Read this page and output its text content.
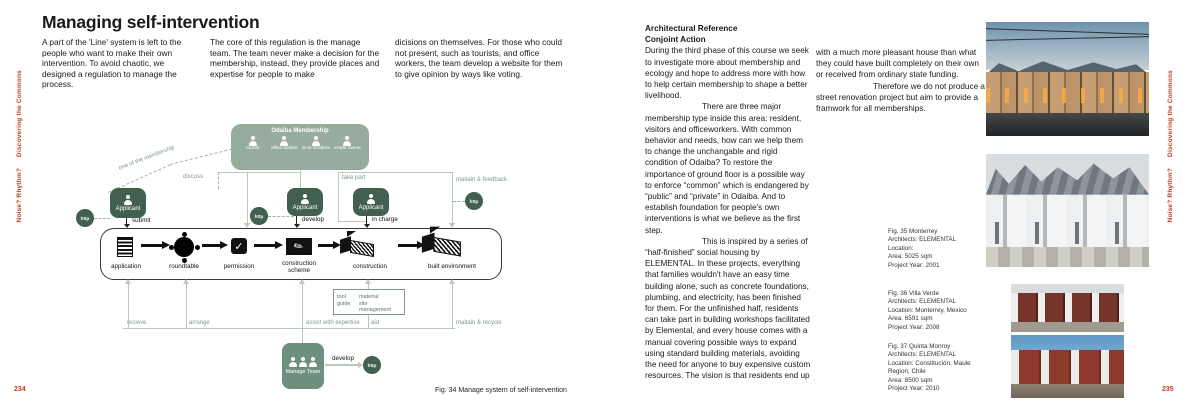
Discovering the Commons
Noise? Rhythm?
234
Discovering the Commons
Noise? Rhythm?
235
Managing self-intervention
A part of the 'Line' system is left to the people who want to make their own intervention. To avoid chaotic, we designed a regulation to manage the process.
The core of this regulation is the manage team. The team never make a decision for the membership, instead, they provide places and expertise for people to make
dicisions on themselves. For those who could not present, such as tourists, and office workers, the team develop a website for them to give opinion by ways like voting.
one of the membership
Odaiba Membership
tourist office worker local resident estate owner
discuss	take part	maitain & feedback
http
http
Applicant
submit
http
Applicant
develop
Applicant
in charge
✓	✎
application	roundtable	permission	construction scheme
construction	built environment
recieve	arrange	assist with expertise aid	maitain & recycle
tool	material
guide	site management
Manage Team
develop
http
Fig. 34 Manage system of self-intervention
Architectural Reference
Conjoint Action

During the third phase of this course we seek to investigate more about membership and ecology and hope to address more with how to help certain membership to shape a better livelihood.

There are three major membership type inside this area: resident, visitors and officeworkers. With common behavior and needs, how can we help them to change the unchangable and rigid condition of Odaiba? To restore the importance of ground floor is a possible way to enforce “common” which is endangered by “public” and “private” in Odaiba. And to establish foundation for people's own interventions is what we believe as the first step.

This is inspired by a series of “half-finished” social housing by ELEMENTAL. In these projects, everything that families wouldn't have an easy time building alone, such as concrete foundations, plumbing, and electricity, has been finished for them. For the unfinished half, residents can take part in building workshops facilitated by Elemental, and every house comes with a manual covering possible ways to expand using standard building materials, avoiding the need for anyone to buy expensive custom resources. The vision is that residents end up

with a much more pleasant house than what they could have built completely on their own or received from ordinary state funding.

Therefore we do not produce a street renovation project but aim to provide a framwork for all memberships.

Fig. 35 Monterrey
Architects: ELEMENTAL
Location:
Area: 5025 sqm
Project Year: 2001
Fig. 36 Villa Verde
Architects: ELEMENTAL
Location: Monterrey, Mexico
Area: 6591 sqm
Project Year: 2008
Fig. 37 Quinta Monroy
Architects: ELEMENTAL
Location: Constitución, Maule Region, Chile
Area: 8500 sqm
Project Year: 2010
